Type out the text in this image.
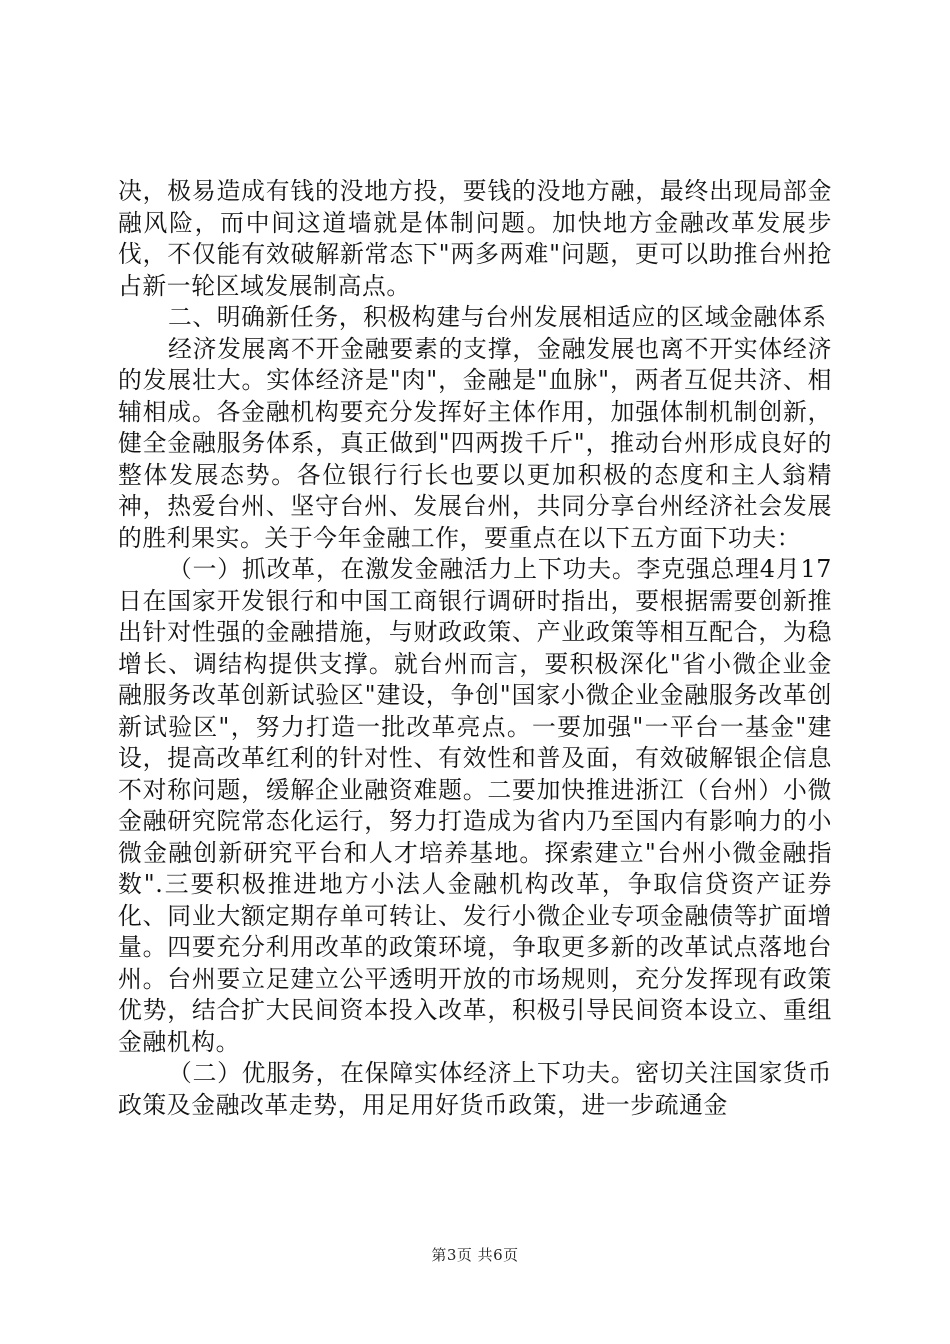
决，极易造成有钱的没地方投，要钱的没地方融，最终出现局部金融风险，而中间这道墙就是体制问题。加快地方金融改革发展步伐，不仅能有效破解新常态下"两多两难"问题，更可以助推台州抢占新一轮区域发展制高点。

二、明确新任务，积极构建与台州发展相适应的区域金融体系

经济发展离不开金融要素的支撑，金融发展也离不开实体经济的发展壮大。实体经济是"肉"，金融是"血脉"，两者互促共济、相辅相成。各金融机构要充分发挥好主体作用，加强体制机制创新，健全金融服务体系，真正做到"四两拨千斤"，推动台州形成良好的整体发展态势。各位银行行长也要以更加积极的态度和主人翁精神，热爱台州、坚守台州、发展台州，共同分享台州经济社会发展的胜利果实。关于今年金融工作，要重点在以下五方面下功夫：

（一）抓改革，在激发金融活力上下功夫。李克强总理4月17日在国家开发银行和中国工商银行调研时指出，要根据需要创新推出针对性强的金融措施，与财政政策、产业政策等相互配合，为稳增长、调结构提供支撑。就台州而言，要积极深化"省小微企业金融服务改革创新试验区"建设，争创"国家小微企业金融服务改革创新试验区"，努力打造一批改革亮点。一要加强"一平台一基金"建设，提高改革红利的针对性、有效性和普及面，有效破解银企信息不对称问题，缓解企业融资难题。二要加快推进浙江（台州）小微金融研究院常态化运行，努力打造成为省内乃至国内有影响力的小微金融创新研究平台和人才培养基地。探索建立"台州小微金融指数".三要积极推进地方小法人金融机构改革，争取信贷资产证券化、同业大额定期存单可转让、发行小微企业专项金融债等扩面增量。四要充分利用改革的政策环境，争取更多新的改革试点落地台州。台州要立足建立公平透明开放的市场规则，充分发挥现有政策优势，结合扩大民间资本投入改革，积极引导民间资本设立、重组金融机构。

（二）优服务，在保障实体经济上下功夫。密切关注国家货币政策及金融改革走势，用足用好货币政策，进一步疏通金

第3页 共6页
